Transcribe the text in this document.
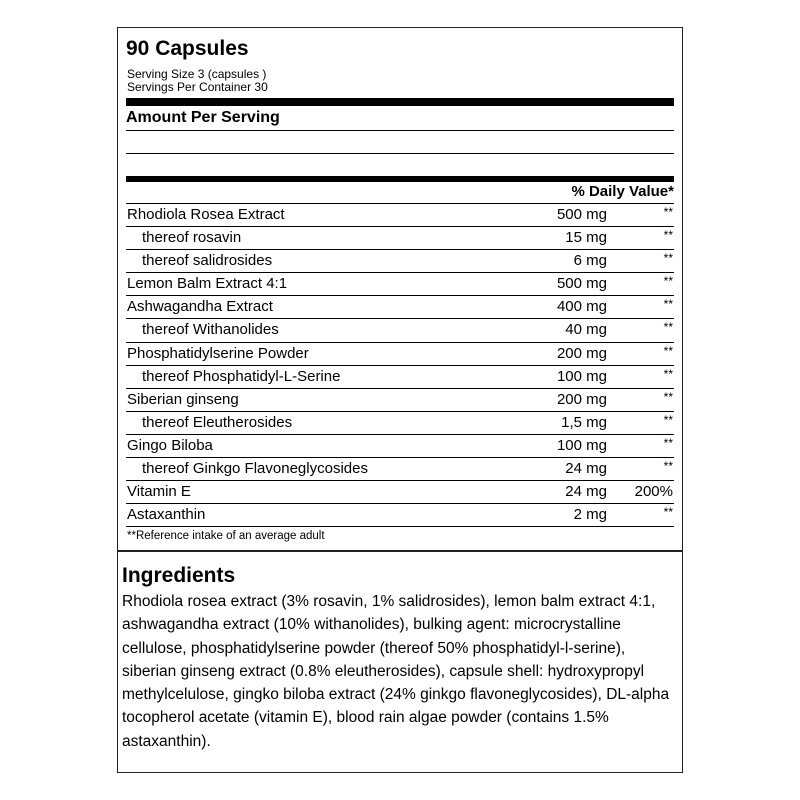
90 Capsules
Serving Size 3 (capsules )
Servings Per Container 30
Amount Per Serving
% Daily Value*
Rhodiola Rosea Extract	500 mg	**
thereof rosavin	15 mg	**
thereof salidrosides	6 mg	**
Lemon Balm Extract 4:1	500 mg	**
Ashwagandha Extract	400 mg	**
thereof Withanolides	40 mg	**
Phosphatidylserine Powder	200 mg	**
thereof Phosphatidyl-L-Serine	100 mg	**
Siberian ginseng	200 mg	**
thereof Eleutherosides	1,5 mg	**
Gingo Biloba	100 mg	**
thereof Ginkgo Flavoneglycosides	24 mg	**
Vitamin E	24 mg 200%
Astaxanthin	2 mg	**
**Reference intake of an average adult
Ingredients
Rhodiola rosea extract (3% rosavin, 1% salidrosides), lemon balm extract 4:1, ashwagandha extract (10% withanolides), bulking agent: microcrystalline cellulose, phosphatidylserine powder (thereof 50% phosphatidyl-l-serine), siberian ginseng extract (0.8% eleutherosides), capsule shell: hydroxypropyl methylcelulose, gingko biloba extract (24% ginkgo flavoneglycosides), DL-alpha tocopherol acetate (vitamin E), blood rain algae powder (contains 1.5% astaxanthin).
